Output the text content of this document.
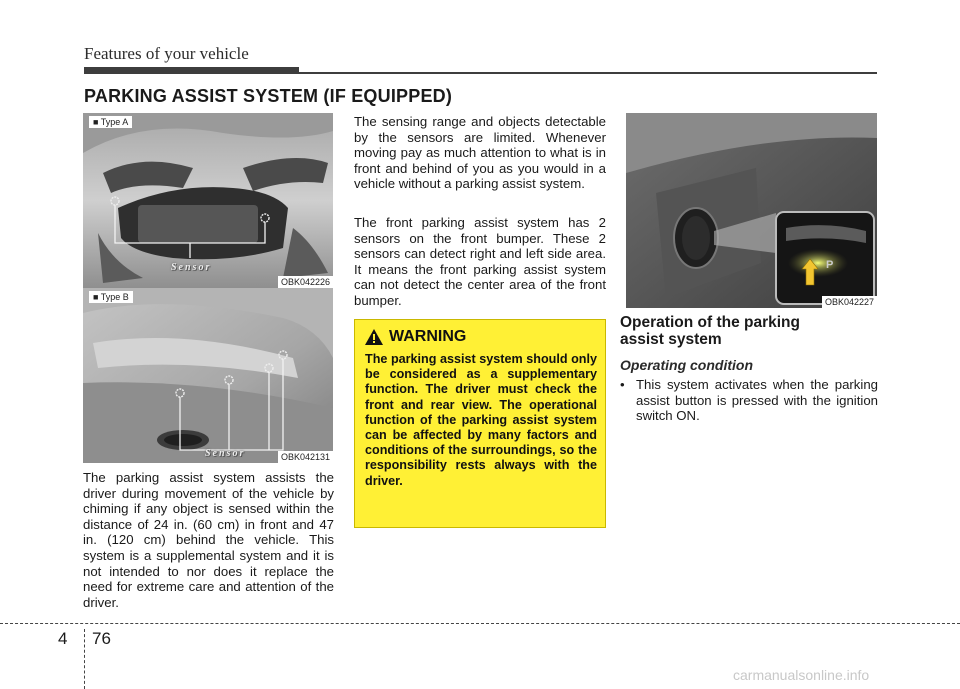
Features of your vehicle
PARKING ASSIST SYSTEM (IF EQUIPPED)
■ Type A
Sensor
OBK042226
■ Type B
Sensor	OBK042131

The parking assist system assists the driver during movement of the vehicle by chiming if any object is sensed within the distance of 24 in. (60 cm) in front and 47 in. (120 cm) behind the vehicle. This system is a supplemental system and it is not intended to nor does it replace the need for extreme care and attention of the driver.

The sensing range and objects detectable by the sensors are limited. Whenever moving pay as much attention to what is in front and behind of you as you would in a vehicle without a parking assist system.

The front parking assist system has 2 sensors on the front bumper. These 2 sensors can detect right and left side area. It means the front parking assist system can not detect the center area of the front bumper.

WARNING

The parking assist system should only be considered as a supplementary function. The driver must check the front and rear view. The operational function of the parking assist system can be affected by many factors and conditions of the surroundings, so the responsibility rests always with the driver.

P
OBK042227
Operation of the parking assist system
Operating condition
• This system activates when the parking assist button is pressed with the ignition switch ON.
4 76
carmanualsonline.info
